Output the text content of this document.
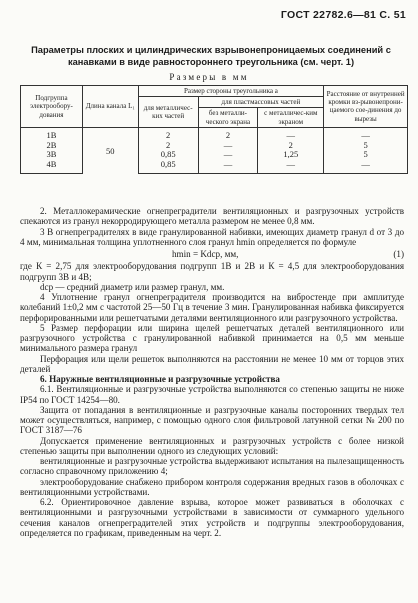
ГОСТ 22782.6—81 С. 51
Параметры плоских и цилиндрических взрывонепроницаемых соединений с канавками в виде равностороннего треугольника (см. черт. 1)
Размеры в мм
Подгруппа электрообору-дования	Длина канала L₁	Размер стороны треугольника a			Расстояние от внутренней кромки вз-рывонепрони-цаемого сое-динения до вырезы
		для металличес-ких частей	для пластмассовых частей		
			без металли-ческого экрана	с металличес-ким экраном	
1В	50	2	2	—	—
2В		2	—	2	5
3В		0,85	—	1,25	5
4В		0,85	—	—	—

2. Металлокерамические огнепреградители вентиляционных и разгрузочных устройств спекаются из гранул некорродирующего металла размером не менее 0,8 мм.

3 В огнепреградителях в виде гранулированной набивки, имеющих диаметр гранул d от 3 до 4 мм, минимальная толщина уплотненного слоя гранул hmin определяется по формуле

hmin = Kdср, мм,	(1)

где К = 2,75 для электрооборудования подгрупп 1В и 2В и К = 4,5 для электрооборудования подгрупп 3В и 4В;

dср — средний диаметр или размер гранул, мм.

4 Уплотнение гранул огнепреградителя производится на вибростенде при амплитуде колебаний 1±0,2 мм с частотой 25—50 Гц в течение 3 мин. Гранулированная набивка фиксируется перфорированными или решетчатыми деталями вентиляционного или разгрузочного устройства.

5 Размер перфорации или ширина щелей решетчатых деталей вентиляционного или разгрузочного устройства с гранулированной набивкой принимается на 0,5 мм меньше минимального размера гранул

Перфорация или щели решеток выполняются на расстоянии не менее 10 мм от торцов этих деталей

6. Наружные вентиляционные и разгрузочные устройства

6.1. Вентиляционные и разгрузочные устройства выполняются со степенью защиты не ниже IP54 по ГОСТ 14254—80.

Защита от попадания в вентиляционные и разгрузочные каналы посторонних твердых тел может осуществляться, например, с помощью одного слоя фильтровой латунной сетки № 200 по ГОСТ 3187—76

Допускается применение вентиляционных и разгрузочных устройств с более низкой степенью защиты при выполнении одного из следующих условий:

вентиляционные и разгрузочные устройства выдерживают испытания на пылезащищенность согласно справочному приложению 4;

электрооборудование снабжено прибором контроля содержания вредных газов в оболочках с вентиляционными устройствами.

6.2. Ориентировочное давление взрыва, которое может развиваться в оболочках с вентиляционными и разгрузочными устройствами в зависимости от суммарного удельного сечения каналов огнепреградителей этих устройств и подгруппы электрооборудования, определяется по графикам, приведенным на черт. 2.
